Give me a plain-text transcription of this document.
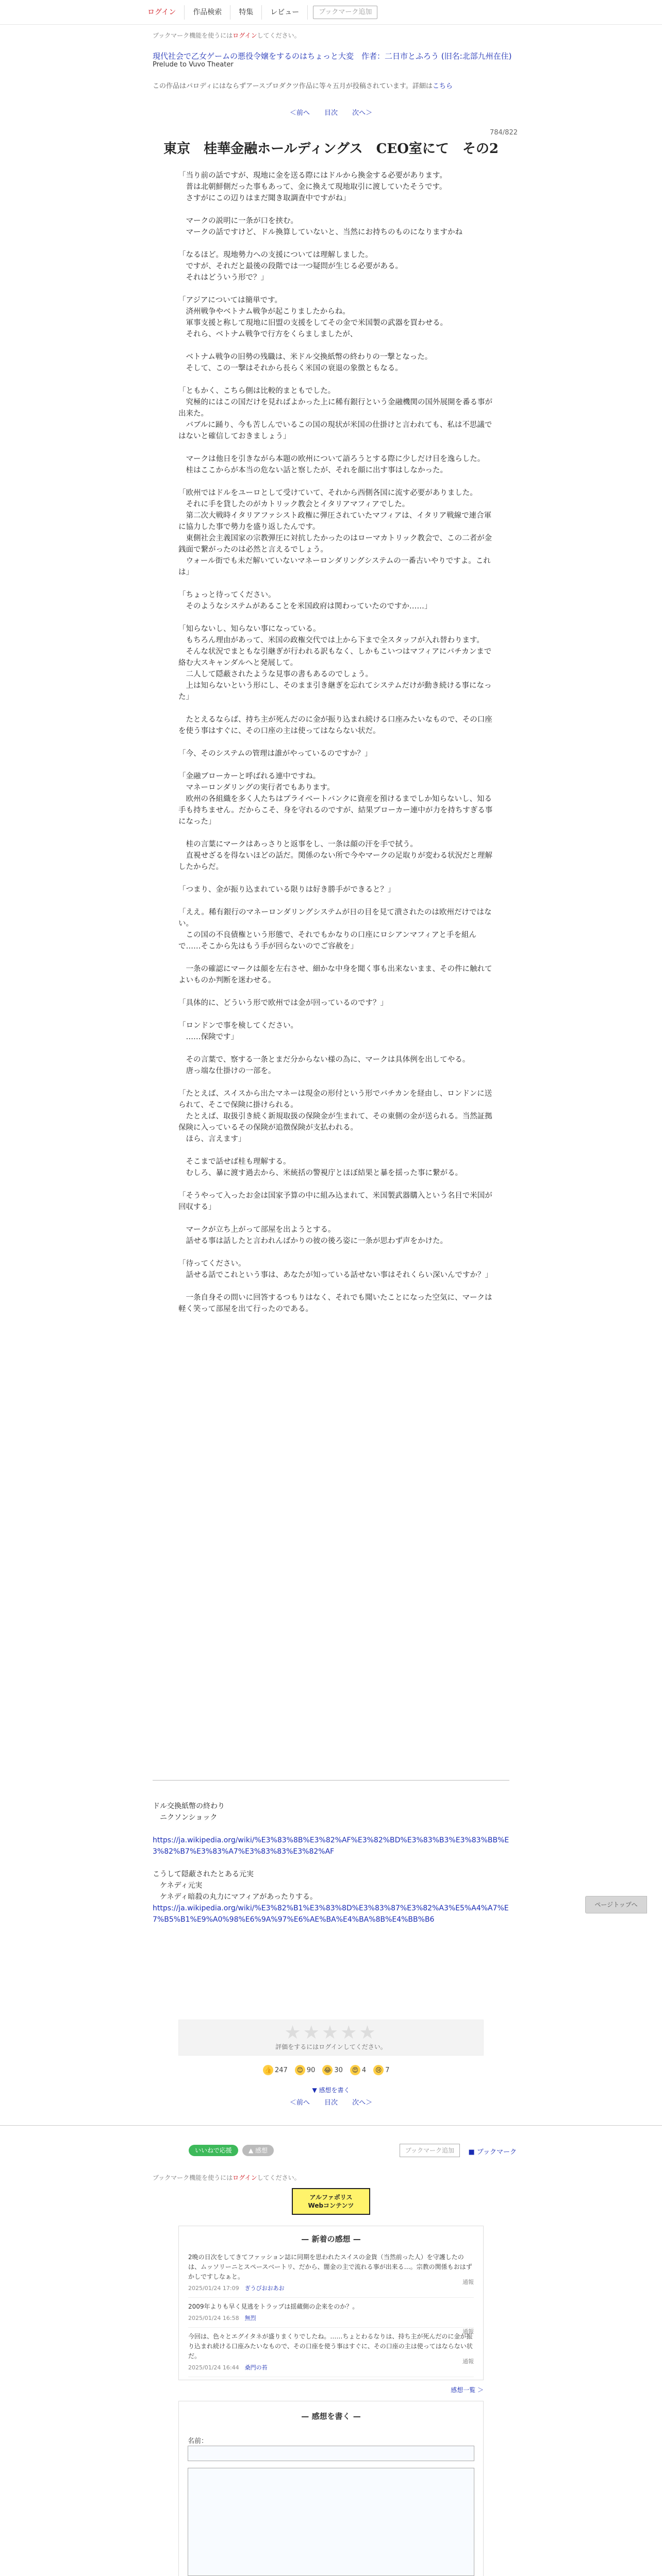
ログイン	作品検索	特集	レビュー	ブックマーク追加
ブックマーク機能を使うにはログインしてください。
現代社会で乙女ゲームの悪役令嬢をするのはちょっと大変　作者：二日市とふろう (旧名:北部九州在住)
Prelude to Vuvo Theater
この作品はパロディにはならずアースプロダクツ作品に等々五月が投稿されています。詳細はこちら
＜前へ 目次 次へ＞
784/822
東京　桂華金融ホールディングス　CEO室にて　その2

「当り前の話ですが、現地に金を送る際にはドルから換金する必要があります。

　普は北朝鮮側だった事もあって、金に換えて現地取引に渡していたそうです。

　さすがにこの辺りはまだ聞き取調査中ですがね」

　マークの説明に一条が口を挟む。

　マークの話ですけど、ドル換算していないと、当然にお持ちのものになりますかね

「なるほど。現地勢力への支援については理解しました。

　ですが、それだと最後の段階では一つ疑問が生じる必要がある。

　それはどういう形で？」

「アジアについては簡単です。

　済州戦争やベトナム戦争が起こりましたからね。

　軍事支援と称して現地に旧盟の支援をしてその金で米国製の武器を買わせる。

　それら、ベトナム戦争で行方をくらましましたが、

　ベトナム戦争の旧勢の残職は、米ドル交換紙幣の終わりの一撃となった。

　そして、この一撃はそれから長らく米国の衰退の象徴ともなる。

「ともかく、こちら側は比較的まともでした。

　究極的にはこの国だけを見ればよかった上に稀有銀行という金融機関の国外展開を番る事が出来た。

　バブルに踊り、今も苦しんでいるこの国の現状が米国の仕掛けと言われても、私は不思議ではないと確信しておきましょう」

　マークは他日を引きながら本題の欧州について語ろうとする際に少しだけ目を逸らした。

　桂はここからが本当の危ない話と察したが、それを顔に出す事はしなかった。

「欧州ではドルをユーロとして受けていて、それから西側各国に流す必要がありました。

　それに手を貸したのがカトリック教会とイタリアマフィアでした。

　第二次大戦時イタリアファシスト政権に弾圧されていたマフィアは、イタリア戦線で連合軍に協力した事で勢力を盛り返したんです。

　東側社会主義国家の宗教弾圧に対抗したかったのはローマカトリック教会で、この二者が金銭面で繋がったのは必然と言えるでしょう。

　ウォール街でも未だ解いていないマネーロンダリングシステムの一番古いやりですよ。これは」

「ちょっと待ってください。

　そのようなシステムがあることを米国政府は関わっていたのですか……」

「知らないし、知らない事になっている。

　もちろん理由があって、米国の政権交代では上から下まで全スタッフが入れ替わります。

　そんな状況でまともな引継ぎが行われる訳もなく、しかもこいつはマフィアにバチカンまで絡む大スキャンダルへと発展して。

　二人して隠蔽されたような見事の書もあるのでしょう。

　上は知らないという形にし、そのまま引き継ぎを忘れてシステムだけが動き続ける事になった」

　たとえるならば、持ち主が死んだのに金が振り込まれ続ける口座みたいなもので、その口座を使う事はすぐに、その口座の主は使ってはならない状だ。

「今、そのシステムの管理は誰がやっているのですか？」

「金融ブローカーと呼ばれる連中ですね。

　マネーロンダリングの実行者でもあります。

　欧州の各組織を多く人たちはプライベートバンクに資産を預けるまでしか知らないし、知る手も持ちません。だからこそ、身を守れるのですが、結果ブローカー連中が力を持ちすぎる事になった」

　桂の言葉にマークはあっさりと返事をし、一条は顔の汗を手で拭う。

　直視せざるを得ないほどの話だ。関係のない所で今やマークの足取りが変わる状況だと理解したからだ。

「つまり、金が振り込まれている限りは好き勝手ができると？」

「ええ。稀有銀行のマネーロンダリングシステムが日の目を見て潰されたのは欧州だけではない。

　この国の不良債権という形態で、それでもかなりの口座にロシアンマフィアと手を組んで……そこから先はもう手が回らないのでご容赦を」

　一条の確認にマークは顔を左右させ、細かな中身を聞く事も出来ないまま、その件に触れてよいものか判断を迷わせる。

「具体的に、どういう形で欧州では金が回っているのです？」

「ロンドンで事を検してください。

　……保険です」

　その言葉で、察する一条とまだ分からない様の為に、マークは具体例を出してやる。

　唐っ端な仕掛けの一部を。

「たとえば、スイスから出たマネーは現金の形付という形でバチカンを経由し、ロンドンに送られて、そこで保険に掛けられる。

　たとえば、取扱引き続く新規取扱の保険金が生まれて、その東側の金が送られる。当然証拠保険に入っているその保険が追徴保険が支払われる。

　ほら、言えます」

　そこまで話せば桂も理解する。

　むしろ、暴に渡す過去から、米統括の警視庁とほぼ結果と暴を揺った事に繋がる。

「そうやって入ったお金は国家予算の中に組み込まれて、米国製武器購入という名目で米国が回収する」

　マークが立ち上がって部屋を出ようとする。

　話せる事は話したと言われんばかりの彼の後ろ姿に一条が思わず声をかけた。

「待ってください。

　話せる話でこれという事は、あなたが知っている話せない事はそれくらい深いんですか？」

　一条自身その問いに回答するつもりはなく、それでも聞いたことになった空気に、マークは軽く笑って部屋を出て行ったのである。

ドル交換紙幣の終わり

　ニクソンショック

https://ja.wikipedia.org/wiki/%E3%83%8B%E3%82%AF%E3%82%BD%E3%83%B3%E3%83%BB%E3%82%B7%E3%83%A7%E3%83%83%E3%82%AF

こうして隠蔽されたとある元実

　ケネディ元実

　ケネディ暗殺の丸力にマフィアがあったりする。

https://ja.wikipedia.org/wiki/%E3%82%B1%E3%83%8D%E3%83%87%E3%82%A3%E5%A4%A7%E7%B5%B1%E9%A0%98%E6%9A%97%E6%AE%BA%E4%BA%8B%E4%BB%B6

ページトップへ
★★★★★
評価をするにはログインしてください。
👍 247	😊 90 😂 30	😍 4	😢 7
▼ 感想を書く
＜前へ 目次 次へ＞
いいねで応援	▲ 感想	ブックマーク追加	■ ブックマーク
ブックマーク機能を使うにはログインしてください。
アルファポリス
Webコンテンツ
— 新着の感想 —
2晩の日次をしてきてファッション誌に同期を思われたスイスの金貨（当然前った人）を守護したのは、ムッソリーニとスペースベートリ、だから、闇金の主で流れる事が出来る…。宗教の関係もおはずかしですしなぁと。
2025/01/24 17:09　 ぎうびおおあお
通報
2009年よりも早く見逃をトラップは揺蔵側の企来をのか？。
2025/01/24 16:58　 無烈
通報
今回は、色々とエグイタネが盛りまくりでしたね。……ちょとわるなりは、持ち主が死んだのに金が振り込まれ続ける口座みたいなもので、その口座を使う事はすぐに、その口座の主は使ってはならない状だ。
2025/01/24 16:44　 桑門の苔
通報
感想一覧 ＞
— 感想を書く —
名前：
